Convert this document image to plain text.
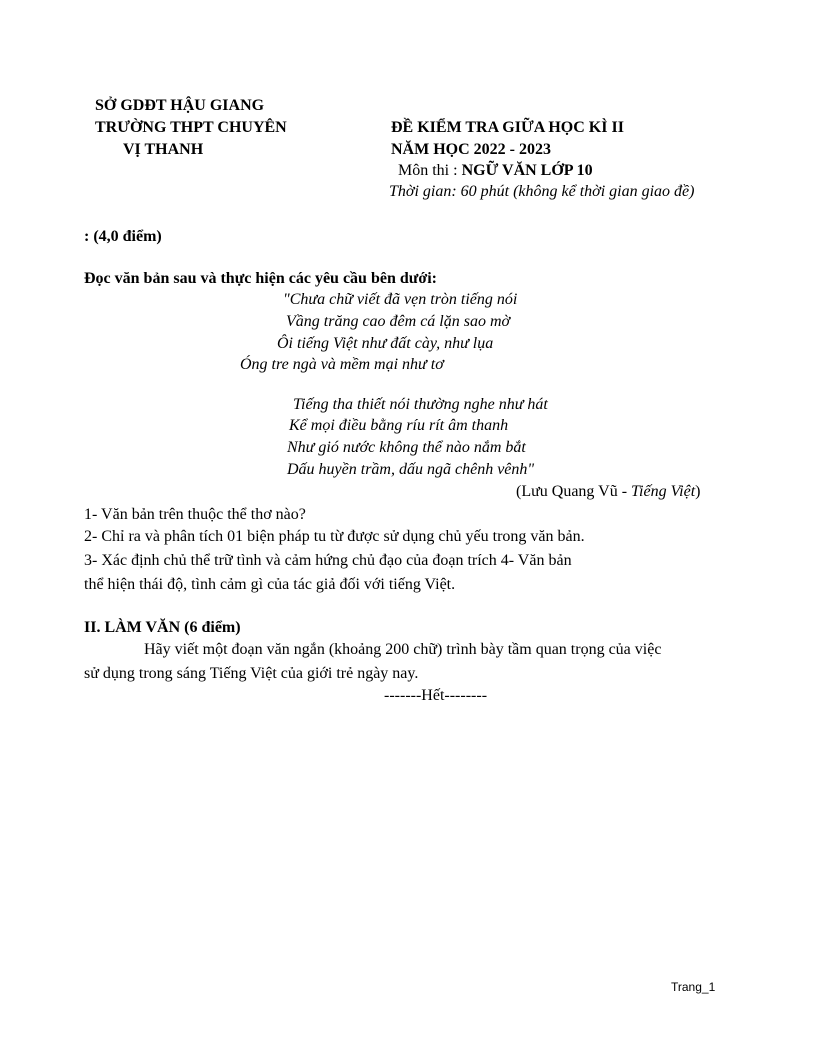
SỞ GDĐT HẬU GIANG
TRƯỜNG THPT CHUYÊN
VỊ THANH
ĐỀ KIỂM TRA GIỮA HỌC KÌ II
NĂM HỌC 2022 - 2023
Môn thi : NGỮ VĂN LỚP 10
Thời gian: 60 phút (không kể thời gian giao đề)
: (4,0 điểm)
Đọc văn bản sau và thực hiện các yêu cầu bên dưới:
"Chưa chữ viết đã vẹn tròn tiếng nói
Vầng trăng cao đêm cá lặn sao mờ
Ôi tiếng Việt như đất cày, như lụa
Óng tre ngà và mềm mại như tơ
Tiếng tha thiết nói thường nghe như hát
Kể mọi điều bằng ríu rít âm thanh
Như gió nước không thể nào nắm bắt
Dấu huyền trầm, dấu ngã chênh vênh"
(Lưu Quang Vũ - Tiếng Việt)
1- Văn bản trên thuộc thể thơ nào?
2- Chỉ ra và phân tích 01 biện pháp tu từ được sử dụng chủ yếu trong văn bản.
3- Xác định chủ thể trữ tình và cảm hứng chủ đạo của đoạn trích 4- Văn bản
thể hiện thái độ, tình cảm gì của tác giả đối với tiếng Việt.
II. LÀM VĂN (6 điểm)
Hãy viết một đoạn văn ngắn (khoảng 200 chữ) trình bày tầm quan trọng của việc
sử dụng trong sáng Tiếng Việt của giới trẻ ngày nay.
-------Hết--------
Trang_1
